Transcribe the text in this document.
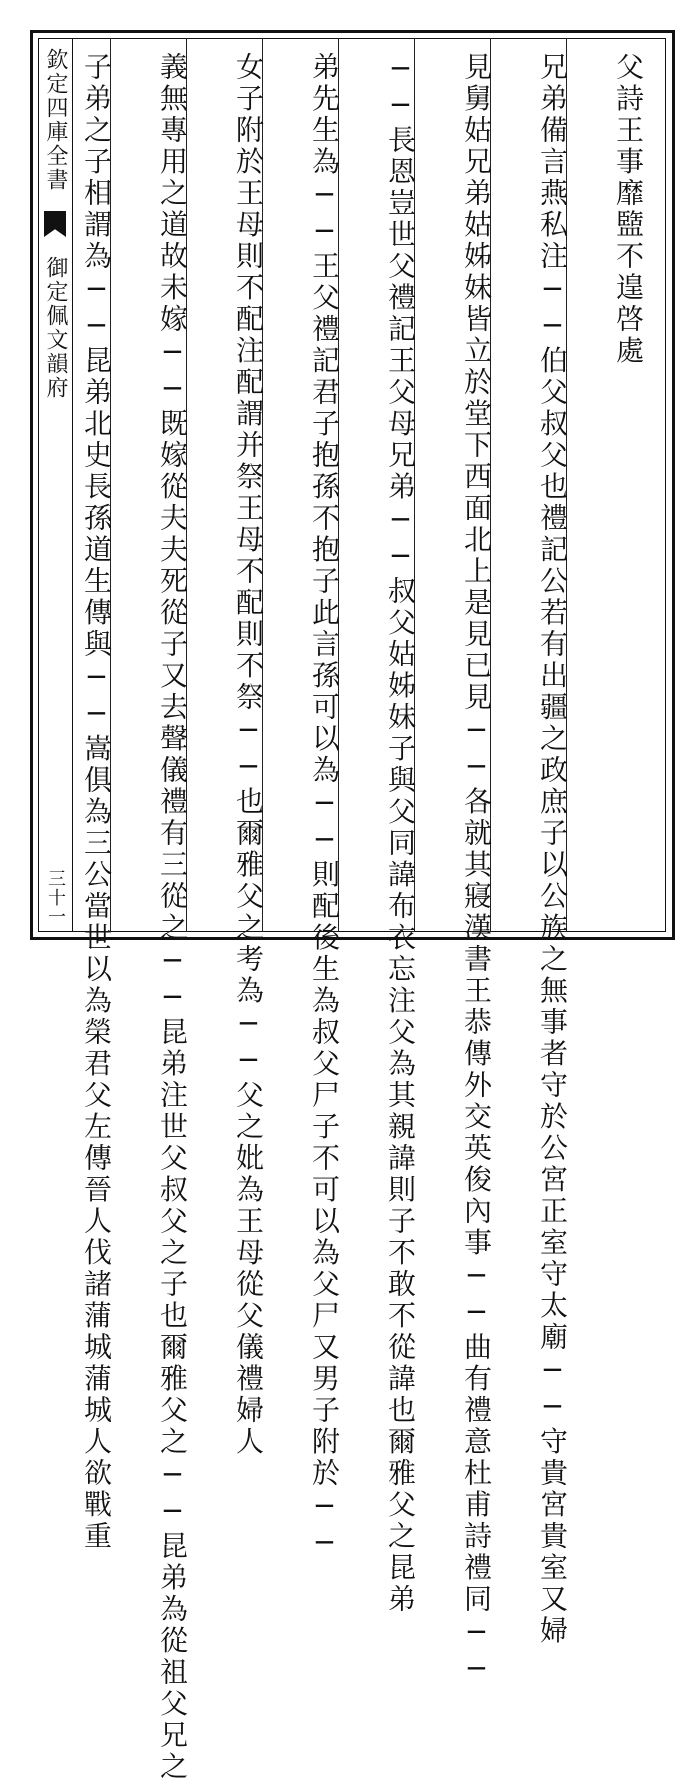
欽定四庫全書  御定佩文韻府
三十一
父詩王事靡盬不遑啓處
兄弟備言燕私注──伯父叔父也禮記公若有出疆之政庶子以公族之無事者守於公宮正室守太廟──守貴宮貴室又婦
見舅姑兄弟姑姊妹皆立於堂下西面北上是見已見──各就其寢漢書王恭傳外交英俊內事──曲有禮意杜甫詩禮同──
──長恩豈世父禮記王父母兄弟──叔父姑姊妹子與父同諱布衣忘注父為其親諱則子不敢不從諱也爾雅父之昆弟
弟先生為──王父禮記君子抱孫不抱子此言孫可以為──則配後生為叔父尸子不可以為父尸又男子附於──
女子附於王母則不配注配謂并祭王母不配則不祭──也爾雅父之考為──父之妣為王母從父儀禮婦人
義無專用之道故未嫁──既嫁從夫夫死從子又去聲儀禮有三從之──昆弟注世父叔父之子也爾雅父之──昆弟為從祖父兄之
子弟之子相謂為──昆弟北史長孫道生傳與──嵩俱為三公當世以為榮君父左傳晉人伐諸蒲城蒲城人欲戰重
